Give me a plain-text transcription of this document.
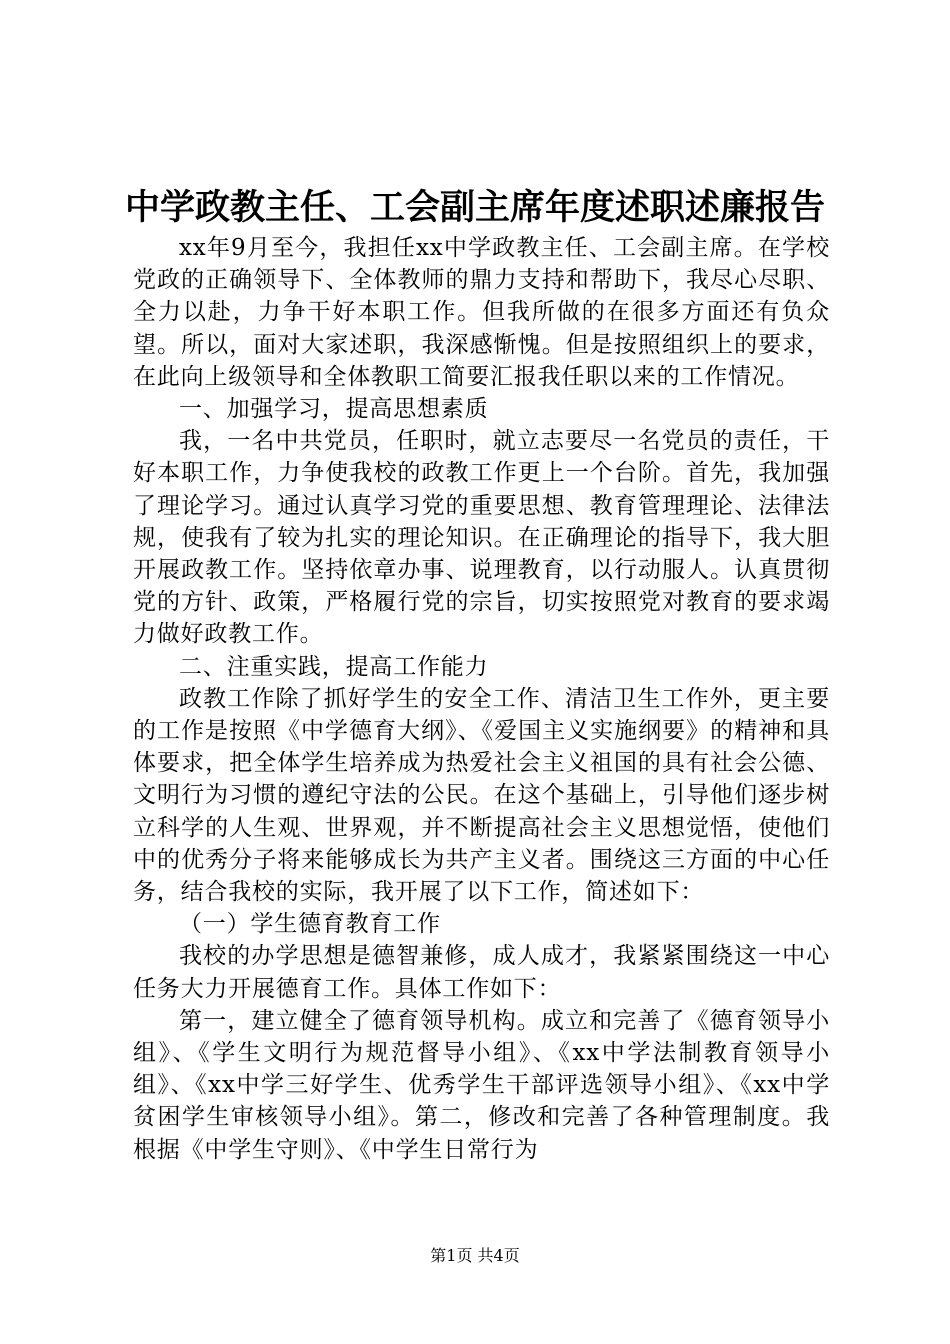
中学政教主任、工会副主席年度述职述廉报告

xx年9月至今，我担任xx中学政教主任、工会副主席。在学校党政的正确领导下、全体教师的鼎力支持和帮助下，我尽心尽职、全力以赴，力争干好本职工作。但我所做的在很多方面还有负众望。所以，面对大家述职，我深感惭愧。但是按照组织上的要求，在此向上级领导和全体教职工简要汇报我任职以来的工作情况。

一、加强学习，提高思想素质

我，一名中共党员，任职时，就立志要尽一名党员的责任，干好本职工作，力争使我校的政教工作更上一个台阶。首先，我加强了理论学习。通过认真学习党的重要思想、教育管理理论、法律法规，使我有了较为扎实的理论知识。在正确理论的指导下，我大胆开展政教工作。坚持依章办事、说理教育，以行动服人。认真贯彻党的方针、政策，严格履行党的宗旨，切实按照党对教育的要求竭力做好政教工作。

二、注重实践，提高工作能力

政教工作除了抓好学生的安全工作、清洁卫生工作外，更主要的工作是按照《中学德育大纲》、《爱国主义实施纲要》的精神和具体要求，把全体学生培养成为热爱社会主义祖国的具有社会公德、文明行为习惯的遵纪守法的公民。在这个基础上，引导他们逐步树立科学的人生观、世界观，并不断提高社会主义思想觉悟，使他们中的优秀分子将来能够成长为共产主义者。围绕这三方面的中心任务，结合我校的实际，我开展了以下工作，简述如下：

（一）学生德育教育工作

我校的办学思想是德智兼修，成人成才，我紧紧围绕这一中心任务大力开展德育工作。具体工作如下：

第一，建立健全了德育领导机构。成立和完善了《德育领导小组》、《学生文明行为规范督导小组》、《xx中学法制教育领导小组》、《xx中学三好学生、优秀学生干部评选领导小组》、《xx中学贫困学生审核领导小组》。第二，修改和完善了各种管理制度。我根据《中学生守则》、《中学生日常行为

第1页 共4页
